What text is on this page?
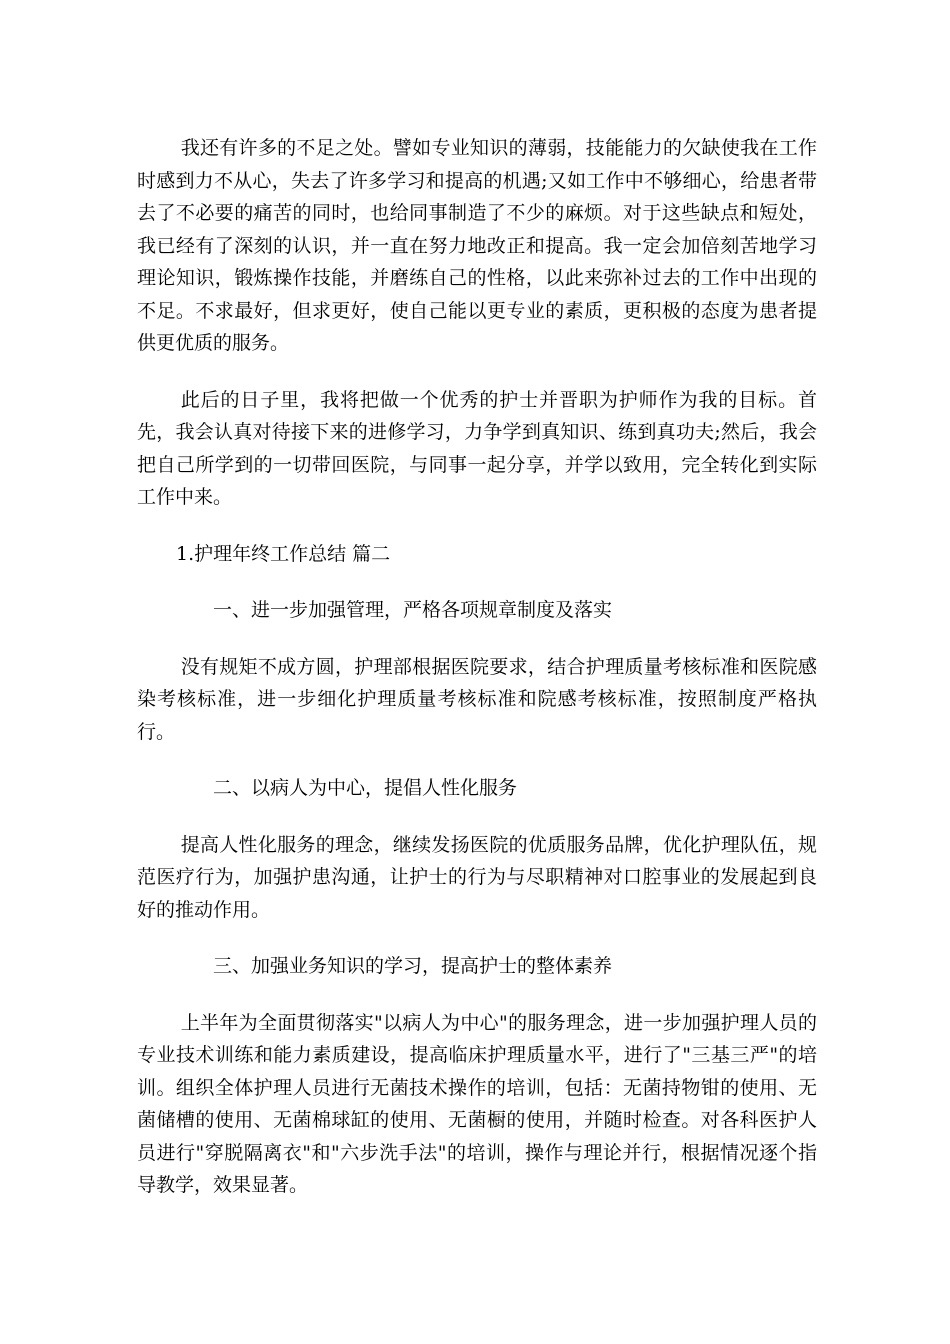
我还有许多的不足之处。譬如专业知识的薄弱，技能能力的欠缺使我在工作时感到力不从心，失去了许多学习和提高的机遇;又如工作中不够细心，给患者带去了不必要的痛苦的同时，也给同事制造了不少的麻烦。对于这些缺点和短处，我已经有了深刻的认识，并一直在努力地改正和提高。我一定会加倍刻苦地学习理论知识，锻炼操作技能，并磨练自己的性格，以此来弥补过去的工作中出现的不足。不求最好，但求更好，使自己能以更专业的素质，更积极的态度为患者提供更优质的服务。

此后的日子里，我将把做一个优秀的护士并晋职为护师作为我的目标。首先，我会认真对待接下来的进修学习，力争学到真知识、练到真功夫;然后，我会把自己所学到的一切带回医院，与同事一起分享，并学以致用，完全转化到实际工作中来。

1.护理年终工作总结 篇二

一、进一步加强管理，严格各项规章制度及落实

没有规矩不成方圆，护理部根据医院要求，结合护理质量考核标准和医院感染考核标准，进一步细化护理质量考核标准和院感考核标准，按照制度严格执行。

二、以病人为中心，提倡人性化服务

提高人性化服务的理念，继续发扬医院的优质服务品牌，优化护理队伍，规范医疗行为，加强护患沟通，让护士的行为与尽职精神对口腔事业的发展起到良好的推动作用。

三、加强业务知识的学习，提高护士的整体素养

上半年为全面贯彻落实"以病人为中心"的服务理念，进一步加强护理人员的专业技术训练和能力素质建设，提高临床护理质量水平，进行了"三基三严"的培训。组织全体护理人员进行无菌技术操作的培训，包括：无菌持物钳的使用、无菌储槽的使用、无菌棉球缸的使用、无菌橱的使用，并随时检查。对各科医护人员进行"穿脱隔离衣"和"六步洗手法"的培训，操作与理论并行，根据情况逐个指导教学，效果显著。
